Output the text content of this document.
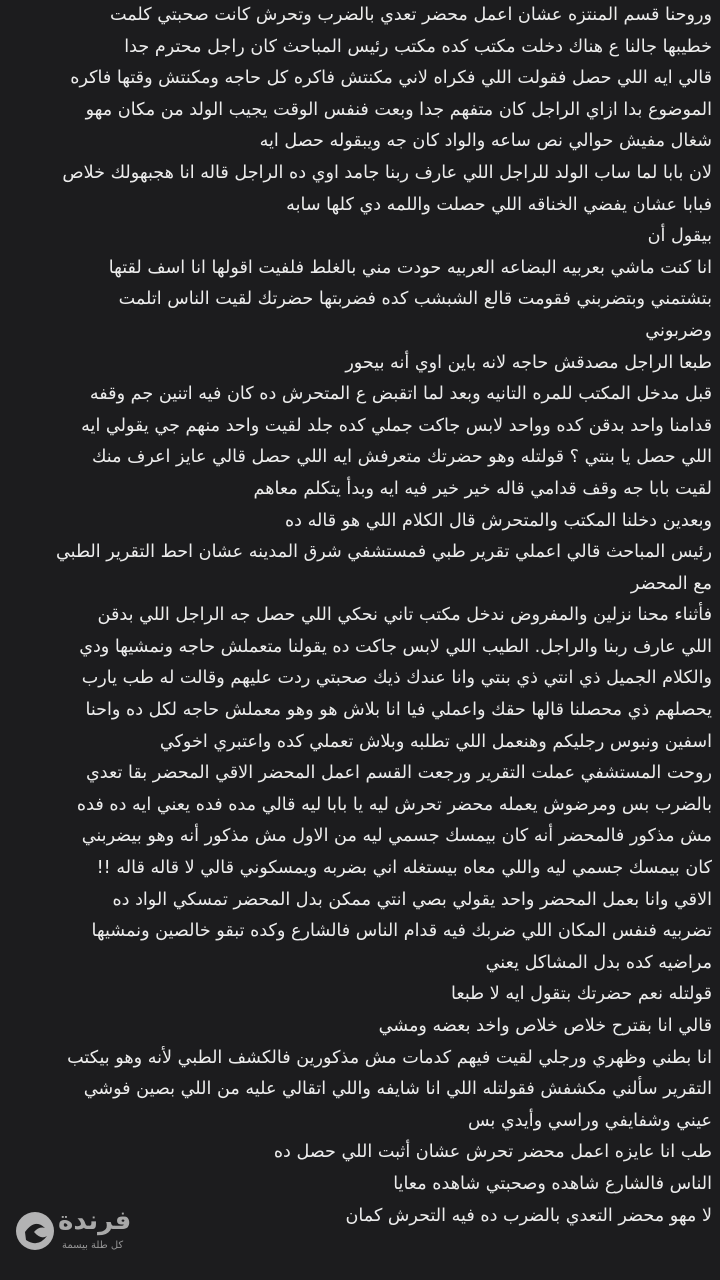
وروحنا قسم المنتزه عشان اعمل محضر تعدي بالضرب وتحرش كانت صحبتي كلمت
خطيبها جالنا ع هناك دخلت مكتب كده مكتب رئيس المباحث كان راجل محترم جدا
قالي ايه اللي حصل فقولت اللي فكراه لاني مكنتش فاكره كل حاجه ومكنتش وقتها فاكره
الموضوع بدا ازاي الراجل كان متفهم جدا وبعت فنفس الوقت يجيب الولد من مكان مهو
شغال مفيش حوالي نص ساعه والواد كان جه ويبقوله حصل ايه
لان بابا لما ساب الولد للراجل اللي عارف ربنا جامد اوي ده الراجل قاله انا هجبهولك خلاص
فبابا عشان يفضي الخناقه اللي حصلت واللمه دي كلها سابه
بيقول أن
انا كنت ماشي بعربيه البضاعه العربيه حودت مني بالغلط فلفيت اقولها انا اسف لقتها
بتشتمني وبتضربني فقومت قالع الشبشب كده فضربتها حضرتك لقيت الناس اتلمت
وضربوني
طبعا الراجل مصدقش حاجه لانه باين اوي أنه بيحور
قبل مدخل المكتب للمره التانيه وبعد لما اتقبض ع المتحرش ده كان فيه اتنين جم وقفه
قدامنا واحد بدقن كده وواحد لابس جاكت جملي كده جلد لقيت واحد منهم جي يقولي ايه
اللي حصل يا بنتي ؟ قولتله وهو حضرتك متعرفش ايه اللي حصل قالي عايز اعرف منك
لقيت بابا جه وقف قدامي قاله خير خير فيه ايه وبدأ يتكلم معاهم
وبعدين دخلنا المكتب والمتحرش قال الكلام اللي هو قاله ده
رئيس المباحث قالي اعملي تقرير طبي فمستشفي شرق المدينه عشان احط التقرير الطبي
مع المحضر
فأثناء محنا نزلين والمفروض ندخل مكتب تاني نحكي اللي حصل جه الراجل اللي بدقن
اللي عارف ربنا والراجل. الطيب اللي لابس جاكت ده يقولنا متعملش حاجه ونمشيها ودي
والكلام الجميل ذي انتي ذي بنتي وانا عندك ذيك صحبتي ردت عليهم وقالت له طب يارب
يحصلهم ذي محصلنا قالها حقك واعملي فيا انا بلاش هو وهو معملش حاجه لكل ده واحنا
اسفين ونبوس رجليكم وهنعمل اللي تطلبه وبلاش تعملي كده واعتبري اخوكي
روحت المستشفي عملت التقرير ورجعت القسم اعمل المحضر الاقي المحضر بقا تعدي
بالضرب بس ومرضوش يعمله محضر تحرش ليه يا بابا ليه قالي مده فده يعني ايه ده فده
مش مذكور فالمحضر أنه كان بيمسك جسمي ليه من الاول مش مذكور أنه وهو بيضربني
كان بيمسك جسمي ليه واللي معاه بيستغله اني بضربه ويمسكوني قالي لا قاله قاله !!
الاقي وانا بعمل المحضر واحد يقولي بصي انتي ممكن بدل المحضر تمسكي الواد ده
تضربيه فنفس المكان اللي ضربك فيه قدام الناس فالشارع وكده تبقو خالصين ونمشيها
مراضيه كده بدل المشاكل يعني
قولتله نعم حضرتك بتقول ايه لا طبعا
قالي انا بقترح خلاص خلاص واخد بعضه ومشي
انا بطني وظهري ورجلي لقيت فيهم كدمات مش مذكورين فالكشف الطبي لأنه وهو بيكتب
التقرير سألني مكشفش فقولتله اللي انا شايفه واللي اتقالي عليه من اللي بصين فوشي
عيني وشفايفي وراسي وأيدي بس
طب انا عايزه اعمل محضر تحرش عشان أثبت اللي حصل ده
الناس فالشارع شاهده وصحبتي شاهده معايا
لا مهو محضر التعدي بالضرب ده فيه التحرش كمان
فرندة
كل طلة بيسمة
